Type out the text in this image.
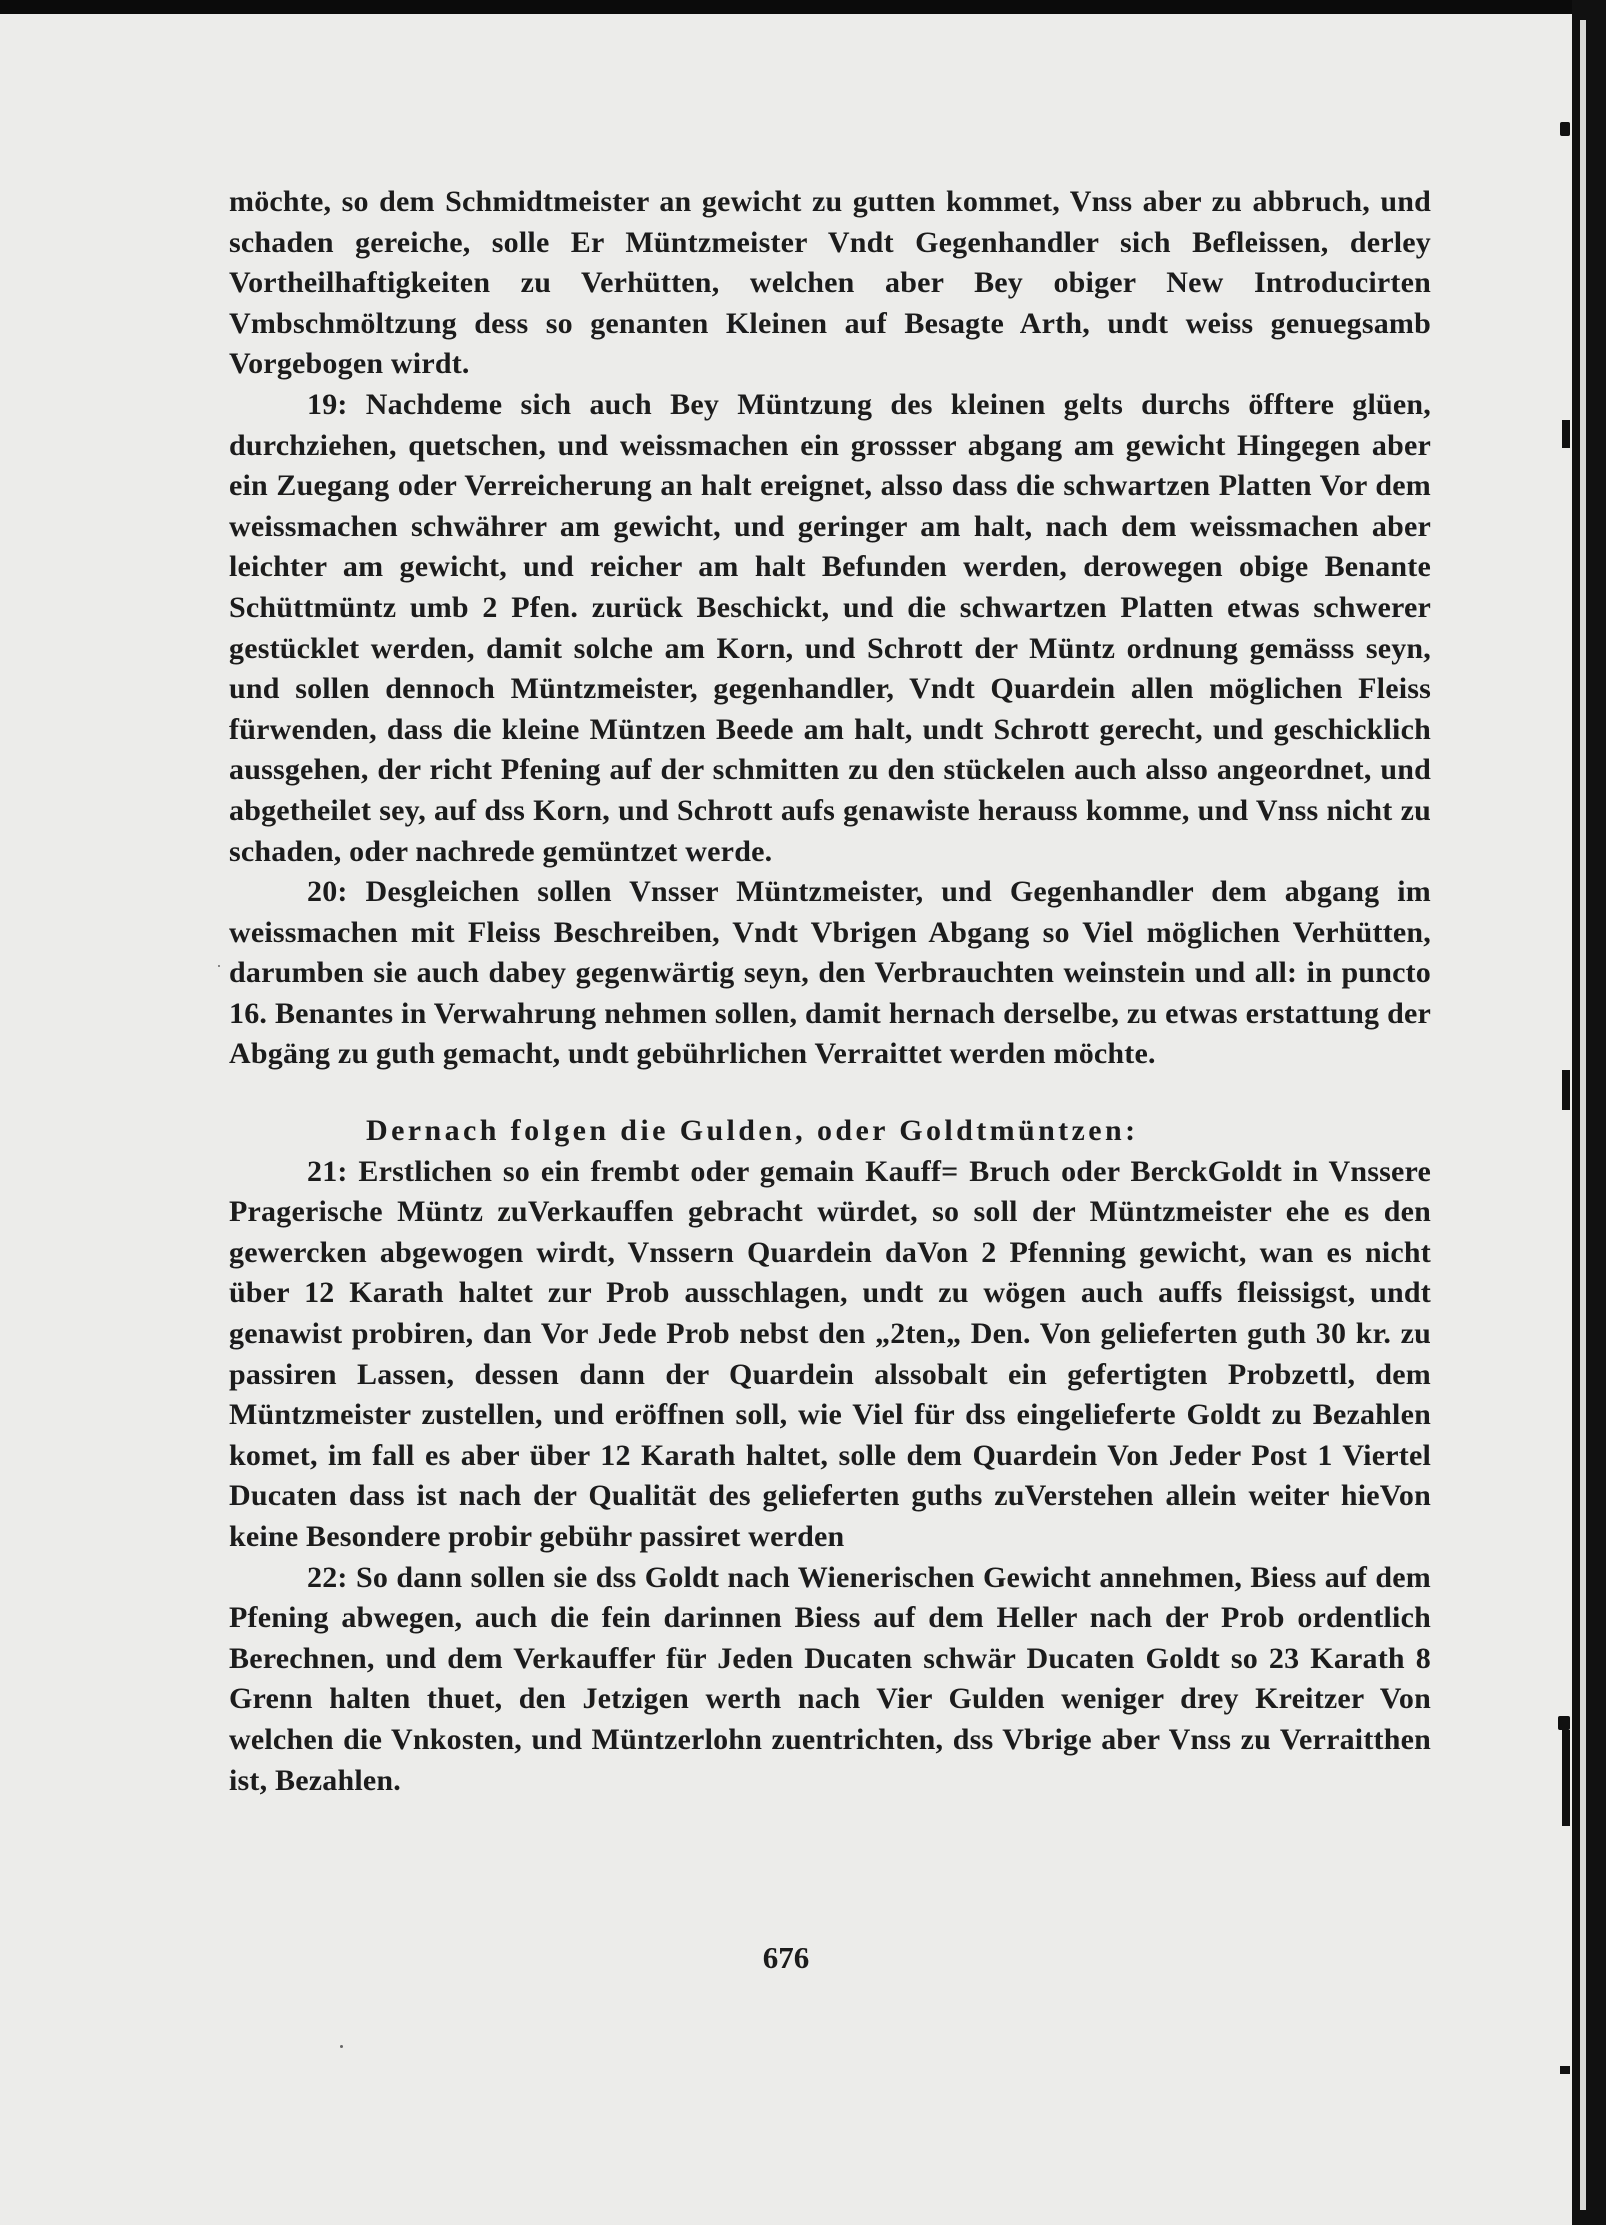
möchte, so dem Schmidtmeister an gewicht zu gutten kommet, Vnss aber zu abbruch, und schaden gereiche, solle Er Müntzmeister Vndt Gegenhandler sich Befleissen, derley Vortheilhaftigkeiten zu Verhütten, welchen aber Bey obiger New Introducirten Vmbschmöltzung dess so genanten Kleinen auf Besagte Arth, undt weiss genuegsamb Vorgebogen wirdt.

19: Nachdeme sich auch Bey Müntzung des kleinen gelts durchs öfftere glüen, durchziehen, quetschen, und weissmachen ein grossser abgang am gewicht Hingegen aber ein Zuegang oder Verreicherung an halt ereignet, alsso dass die schwartzen Platten Vor dem weissmachen schwährer am gewicht, und geringer am halt, nach dem weissmachen aber leichter am gewicht, und reicher am halt Befunden werden, derowegen obige Benante Schüttmüntz umb 2 Pfen. zurück Beschickt, und die schwartzen Platten etwas schwerer gestücklet werden, damit solche am Korn, und Schrott der Müntz ordnung gemässs seyn, und sollen dennoch Müntzmeister, gegenhandler, Vndt Quardein allen möglichen Fleiss fürwenden, dass die kleine Müntzen Beede am halt, undt Schrott gerecht, und geschicklich aussgehen, der richt Pfening auf der schmitten zu den stückelen auch alsso angeordnet, und abgetheilet sey, auf dss Korn, und Schrott aufs genawiste herauss komme, und Vnss nicht zu schaden, oder nachrede gemüntzet werde.

20: Desgleichen sollen Vnsser Müntzmeister, und Gegenhandler dem abgang im weissmachen mit Fleiss Beschreiben, Vndt Vbrigen Abgang so Viel möglichen Verhütten, darumben sie auch dabey gegenwärtig seyn, den Verbrauchten weinstein und all: in puncto 16. Benantes in Verwahrung nehmen sollen, damit hernach derselbe, zu etwas erstattung der Abgäng zu guth gemacht, undt gebührlichen Verraittet werden möchte.

Dernach folgen die Gulden, oder Goldtmüntzen:

21: Erstlichen so ein frembt oder gemain Kauff= Bruch oder BerckGoldt in Vnssere Pragerische Müntz zuVerkauffen gebracht würdet, so soll der Müntzmeister ehe es den gewercken abgewogen wirdt, Vnssern Quardein daVon 2 Pfenning gewicht, wan es nicht über 12 Karath haltet zur Prob ausschlagen, undt zu wögen auch auffs fleissigst, undt genawist probiren, dan Vor Jede Prob nebst den „2ten„ Den. Von gelieferten guth 30 kr. zu passiren Lassen, dessen dann der Quardein alssobalt ein gefertigten Probzettl, dem Müntzmeister zustellen, und eröffnen soll, wie Viel für dss eingelieferte Goldt zu Bezahlen komet, im fall es aber über 12 Karath haltet, solle dem Quardein Von Jeder Post 1 Viertel Ducaten dass ist nach der Qualität des gelieferten guths zuVerstehen allein weiter hieVon keine Besondere probir gebühr passiret werden

22: So dann sollen sie dss Goldt nach Wienerischen Gewicht annehmen, Biess auf dem Pfening abwegen, auch die fein darinnen Biess auf dem Heller nach der Prob ordentlich Berechnen, und dem Verkauffer für Jeden Ducaten schwär Ducaten Goldt so 23 Karath 8 Grenn halten thuet, den Jetzigen werth nach Vier Gulden weniger drey Kreitzer Von welchen die Vnkosten, und Müntzerlohn zuentrichten, dss Vbrige aber Vnss zu Verraitthen ist, Bezahlen.

676
